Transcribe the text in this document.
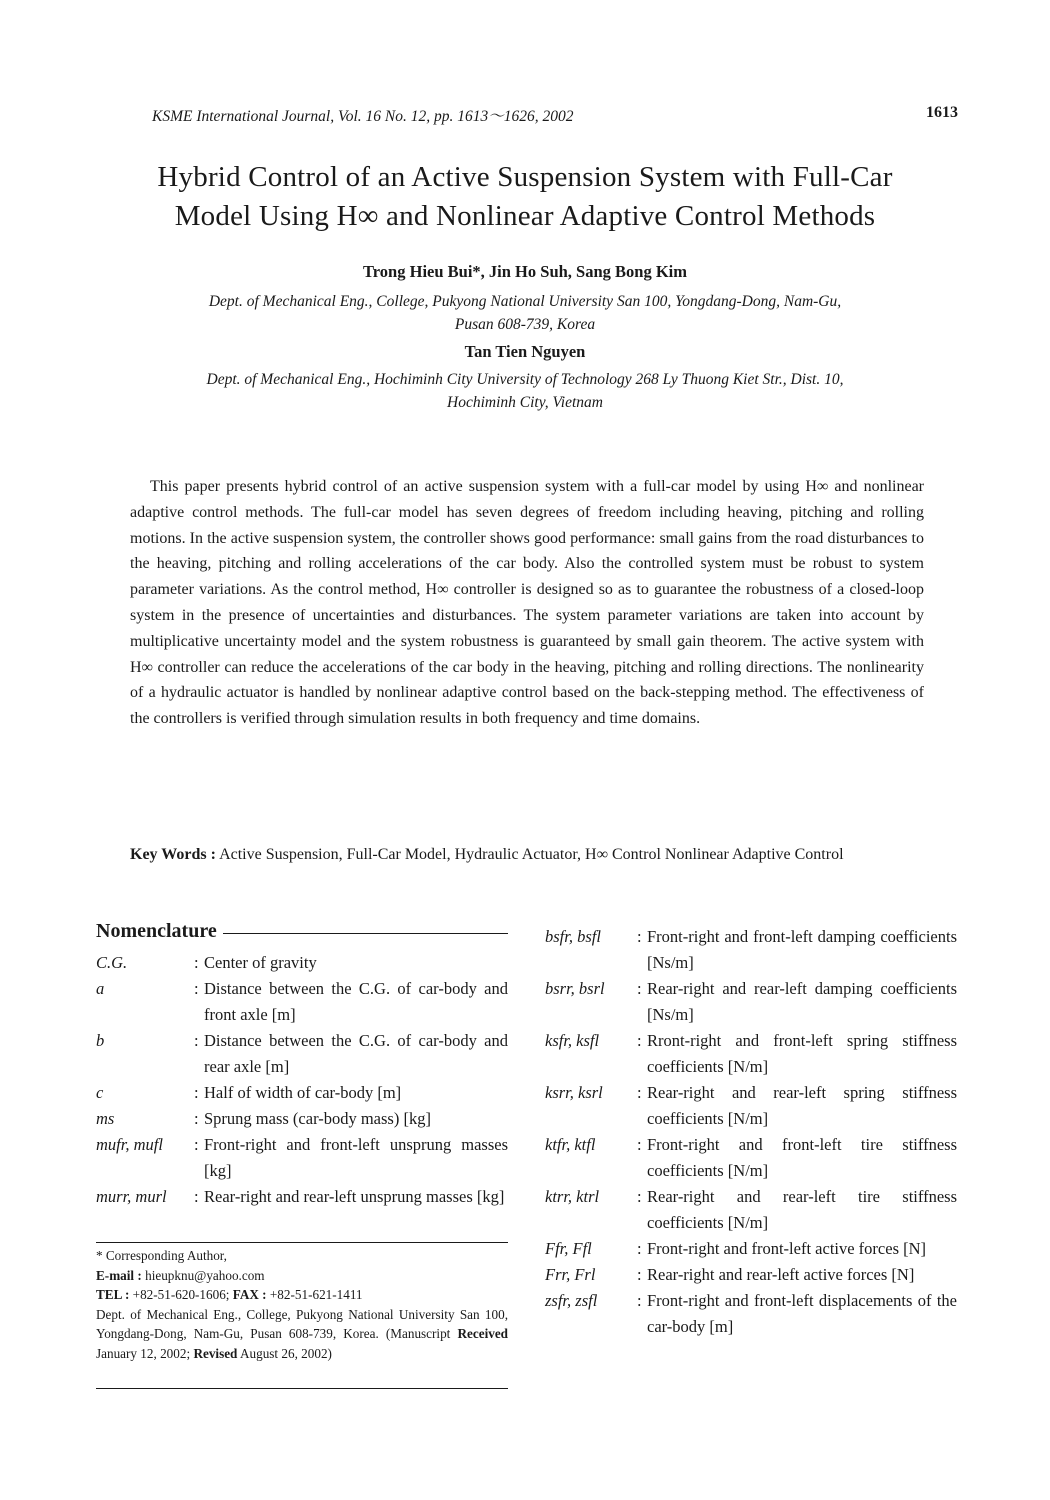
KSME International Journal, Vol. 16 No. 12, pp. 1613～1626, 2002	1613
Hybrid Control of an Active Suspension System with Full-Car
Model Using H∞ and Nonlinear Adaptive Control Methods
Trong Hieu Bui*, Jin Ho Suh, Sang Bong Kim
Dept. of Mechanical Eng., College, Pukyong National University San 100, Yongdang-Dong, Nam-Gu,
Pusan 608-739, Korea
Tan Tien Nguyen
Dept. of Mechanical Eng., Hochiminh City University of Technology 268 Ly Thuong Kiet Str., Dist. 10,
Hochiminh City, Vietnam
This paper presents hybrid control of an active suspension system with a full-car model by using H∞ and nonlinear adaptive control methods. The full-car model has seven degrees of freedom including heaving, pitching and rolling motions. In the active suspension system, the controller shows good performance: small gains from the road disturbances to the heaving, pitching and rolling accelerations of the car body. Also the controlled system must be robust to system parameter variations. As the control method, H∞ controller is designed so as to guarantee the robustness of a closed-loop system in the presence of uncertainties and disturbances. The system parameter variations are taken into account by multiplicative uncertainty model and the system robustness is guaranteed by small gain theorem. The active system with H∞ controller can reduce the accelerations of the car body in the heaving, pitching and rolling directions. The nonlinearity of a hydraulic actuator is handled by nonlinear adaptive control based on the back-stepping method. The effectiveness of the controllers is verified through simulation results in both frequency and time domains.
Key Words : Active Suspension, Full-Car Model, Hydraulic Actuator, H∞ Control Nonlinear Adaptive Control
Nomenclature
C.G.	: Center of gravity
a	: Distance between the C.G. of car-body and front axle [m]
b	: Distance between the C.G. of car-body and rear axle [m]
c	: Half of width of car-body [m]
ms	: Sprung mass (car-body mass) [kg]
mufr, mufl	: Front-right and front-left unsprung masses [kg]
murr, murl	: Rear-right and rear-left unsprung masses [kg]
* Corresponding Author,
E-mail : hieupknu@yahoo.com
TEL : +82-51-620-1606; FAX : +82-51-621-1411
Dept. of Mechanical Eng., College, Pukyong National University San 100, Yongdang-Dong, Nam-Gu, Pusan 608-739, Korea. (Manuscript Received January 12, 2002; Revised August 26, 2002)
bsfr, bsfl	: Front-right and front-left damping coefficients [Ns/m]
bsrr, bsrl	: Rear-right and rear-left damping coefficients [Ns/m]
ksfr, ksfl	: Rront-right and front-left spring stiffness coefficients [N/m]
ksrr, ksrl	: Rear-right and rear-left spring stiffness coefficients [N/m]
ktfr, ktfl	: Front-right and front-left tire stiffness coefficients [N/m]
ktrr, ktrl	: Rear-right and rear-left tire stiffness coefficients [N/m]
Ffr, Ffl	: Front-right and front-left active forces [N]
Frr, Frl	: Rear-right and rear-left active forces [N]
zsfr, zsfl	: Front-right and front-left displacements of the car-body [m]
